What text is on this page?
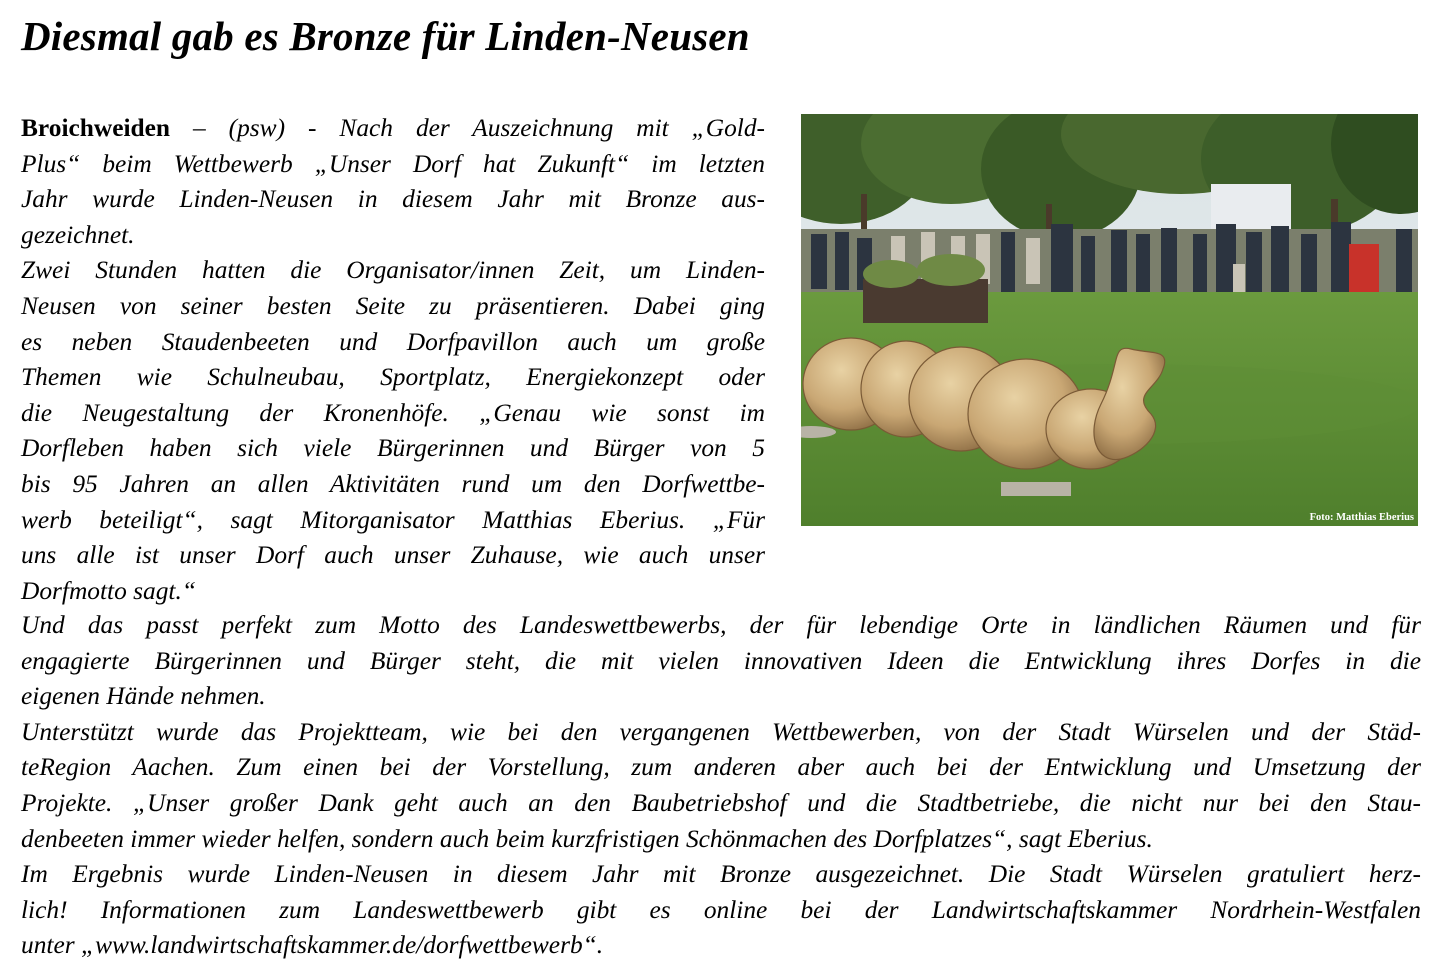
Diesmal gab es Bronze für Linden-Neusen
Broichweiden – (psw) - Nach der Auszeichnung mit „Gold-
Plus“ beim Wettbewerb „Unser Dorf hat Zukunft“ im letzten
Jahr wurde Linden-Neusen in diesem Jahr mit Bronze aus-
gezeichnet.
Zwei Stunden hatten die Organisator/innen Zeit, um Linden-
Neusen von seiner besten Seite zu präsentieren. Dabei ging
es neben Staudenbeeten und Dorfpavillon auch um große
Themen wie Schulneubau, Sportplatz, Energiekonzept oder
die Neugestaltung der Kronenhöfe. „Genau wie sonst im
Dorfleben haben sich viele Bürgerinnen und Bürger von 5
bis 95 Jahren an allen Aktivitäten rund um den Dorfwettbe-
werb beteiligt“, sagt Mitorganisator Matthias Eberius. „Für
uns alle ist unser Dorf auch unser Zuhause, wie auch unser
Dorfmotto sagt.“
Foto: Matthias Eberius
Und das passt perfekt zum Motto des Landeswettbewerbs, der für lebendige Orte in ländlichen Räumen und für
engagierte Bürgerinnen und Bürger steht, die mit vielen innovativen Ideen die Entwicklung ihres Dorfes in die
eigenen Hände nehmen.
Unterstützt wurde das Projektteam, wie bei den vergangenen Wettbewerben, von der Stadt Würselen und der Städ-
teRegion Aachen. Zum einen bei der Vorstellung, zum anderen aber auch bei der Entwicklung und Umsetzung der
Projekte. „Unser großer Dank geht auch an den Baubetriebshof und die Stadtbetriebe, die nicht nur bei den Stau-
denbeeten immer wieder helfen, sondern auch beim kurzfristigen Schönmachen des Dorfplatzes“, sagt Eberius.
Im Ergebnis wurde Linden-Neusen in diesem Jahr mit Bronze ausgezeichnet. Die Stadt Würselen gratuliert herz-
lich! Informationen zum Landeswettbewerb gibt es online bei der Landwirtschaftskammer Nordrhein-Westfalen
unter „www.landwirtschaftskammer.de/dorfwettbewerb“.
